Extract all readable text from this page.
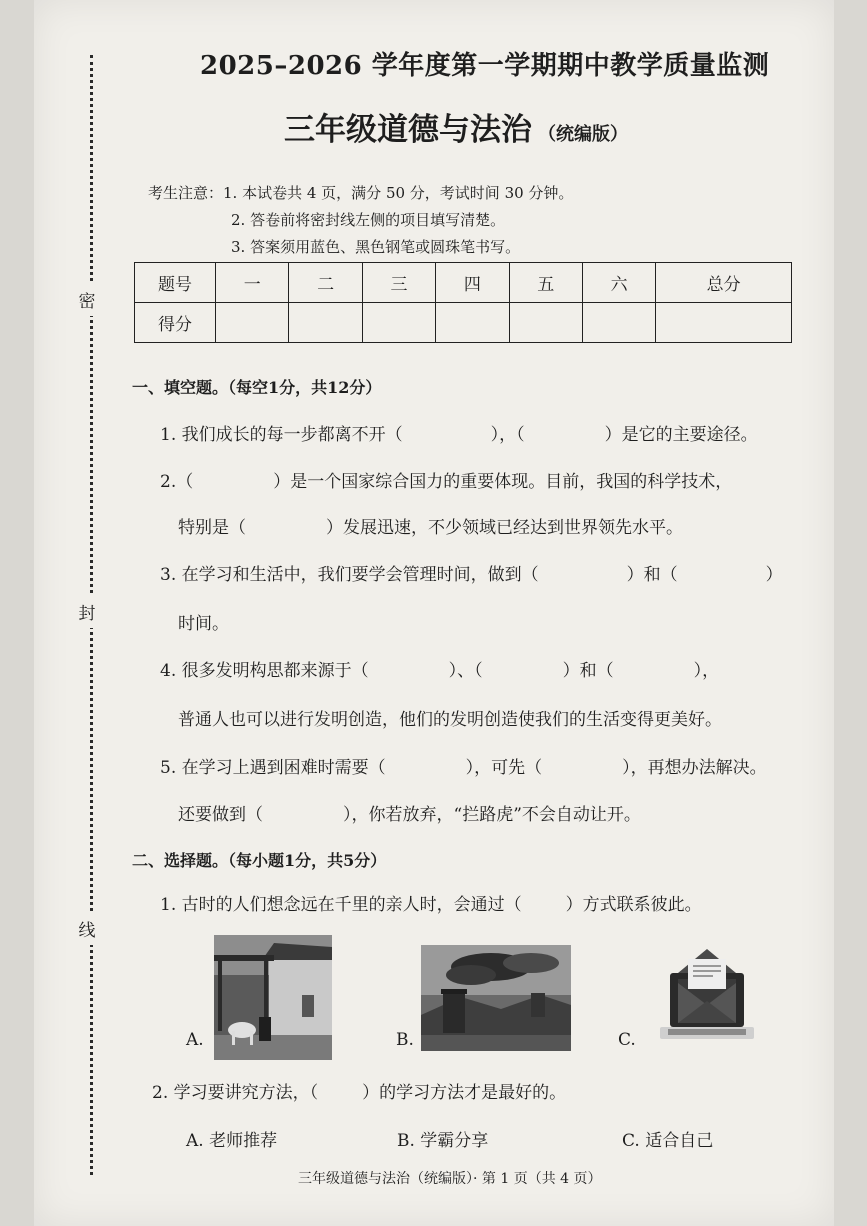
密
封
线
2025–2026 学年度第一学期期中教学质量监测
三年级道德与法治 （统编版）
考生注意：1. 本试卷共 4 页，满分 50 分，考试时间 30 分钟。
2. 答卷前将密封线左侧的项目填写清楚。
3. 答案须用蓝色、黑色钢笔或圆珠笔书写。
题号	一	二	三	四	五	六	总分
得分							
一、填空题。（每空1分，共12分）
1. 我们成长的每一步都离不开（	），（	）是它的主要途径。
2.（	）是一个国家综合国力的重要体现。目前，我国的科学技术，
特别是（	）发展迅速，不少领域已经达到世界领先水平。
3. 在学习和生活中，我们要学会管理时间，做到（	）和（	）
时间。
4. 很多发明构思都来源于（	）、（	）和（	），
普通人也可以进行发明创造，他们的发明创造使我们的生活变得更美好。
5. 在学习上遇到困难时需要（	），可先（	），再想办法解决。
还要做到（	），你若放弃，“拦路虎”不会自动让开。
二、选择题。（每小题1分，共5分）
1. 古时的人们想念远在千里的亲人时，会通过（	）方式联系彼此。
A.	B.	C.
2. 学习要讲究方法，（	）的学习方法才是最好的。
A. 老师推荐	B. 学霸分享	C. 适合自己
三年级道德与法治（统编版）· 第 1 页（共 4 页）
